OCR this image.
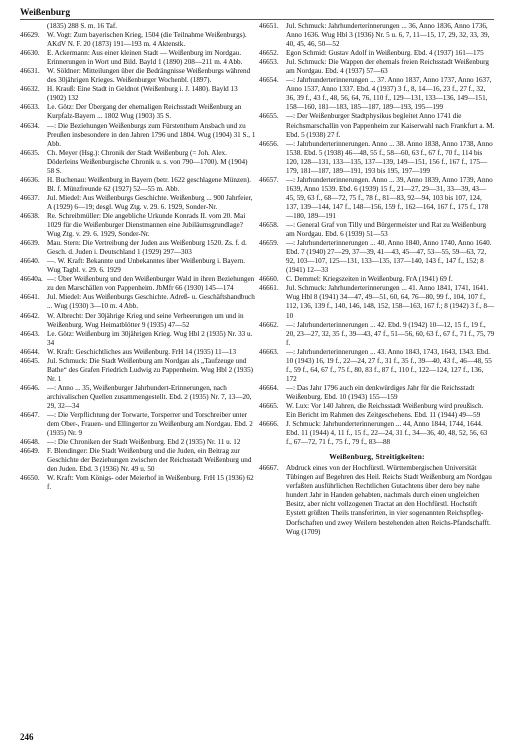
Weißenburg
(1835) 288 S. m. 16 Taf.
46629. W. Vogt: Zum bayerischen Krieg, 1504 (die Teilnahme Weißenburgs). AKdV N. F. 20 (1873) 191—193 m. 4 Aktenstk.
46630. E. Ackermann: Aus einer kleinen Stadt — Weißenburg im Nordgau. Erinnerungen in Wort und Bild. Bayld 1 (1890) 208—211 m. 4 Abb.
46631. W. Söldner: Mitteilungen über die Bedrängnisse Weißenburgs während des 30jährigen Krieges. Weißenburger Wochenbl. (1897).
46632. H. Krauß: Eine Stadt in Geldnot (Weißenburg i. J. 1480). Bayld 13 (1902) 132
46633. Le. Götz: Der Übergang der ehemaligen Reichsstadt Weißenburg an Kurpfalz-Bayern ... 1802 Wug (1903) 35 S.
46634. —: Die Beziehungen Weißenburgs zum Fürstenthum Ansbach und zu Preußen insbesondere in den Jahren 1796 und 1804. Wug (1904) 31 S., 1 Abb.
46635. Ch. Meyer (Hsg.): Chronik der Stadt Weißenburg (= Joh. Alex. Döderleins Weißenburgische Chronik u. s. von 790—1700). M (1904) 58 S.
46636. H. Buchenau: Weißenburg in Bayern (betr. 1622 geschlagene Münzen). Bl. f. Münzfreunde 62 (1927) 52—55 m. Abb.
46637. Jul. Miedel: Aus Weißenburgs Geschichte. Weißenburg ... 900 Jahrfeier, A (1929) 6—19; desgl. Wug Ztg. v. 29. 6. 1929, Sonder-Nr.
46638. Re. Schreibmüller: Die angebliche Urkunde Konrads II. vom 20. Mai 1029 für die Weißenburger Dienstmannen eine Jubiläumsgrundlage? Wug Ztg. v. 29. 6. 1929, Sonder-Nr.
46639. Mau. Stern: Die Vertreibung der Juden aus Weißenburg 1520. Zs. f. d. Gesch. d. Juden i. Deutschland 1 (1929) 297—303
46640. —. W. Kraft: Bekannte und Unbekanntes über Weißenburg i. Bayern. Wug Tagbl. v. 29. 6. 1929
46640a. —: Über Weißenburg und den Weißenburger Wald in ihren Beziehungen zu den Marschällen von Pappenheim. JbMfr 66 (1930) 145—174
46641. Jul. Miedel: Aus Weißenburgs Geschichte. Adreß- u. Geschäftshandbuch ... Wug (1930) 3—10 m. 4 Abb.
46642. W. Albrecht: Der 30jährige Krieg und seine Verheerungen um und in Weißenburg. Wug Heimatblötter 9 (1935) 47—52
46643. Le. Götz: Weißenburg im 30jährigen Krieg. Wug Hbl 2 (1935) Nr. 33 u. 34
46644. W. Kraft: Geschichtliches aus Weißenburg. FrH 14 (1935) 11—13
46645. Jul. Schmuck: Die Stadt Weißenburg am Nordgau als „Taufzeuge und Bathe“ des Grafen Friedrich Ludwig zu Pappenheim. Wug Hbl 2 (1935) Nr. 1
46646. —: Anno ... 35, Weißenburger Jahrhundert-Erinnerungen, nach archivalischen Quellen zusammengestellt. Ebd. 2 (1935) Nr. 7, 13—20, 29, 32—34
46647. —: Die Verpflichtung der Torwarte, Torsperrer und Torschreiber unter dem Ober-, Frauen- und Ellingertor zu Weißenburg am Nordgau. Ebd. 2 (1935) Nr. 9
46648. —: Die Chroniken der Stadt Weißenburg. Ebd 2 (1935) Nr. 11 u. 12
46649. F. Blendinger: Die Stadt Weißenburg und die Juden, ein Beitrag zur Geschichte der Beziehungen zwischen der Reichsstadt Weißenburg und den Juden. Ebd. 3 (1936) Nr. 49 u. 50
46650. W. Kraft: Vom Königs- oder Meierhof in Weißenburg. FrH 15 (1936) 62 f.
46651. Jul. Schmuck: Jahrhunderterinnerungen ... 36, Anno 1836, Anno 1736, Anno 1636. Wug Hbl 3 (1936) Nr. 5 u. 6, 7, 11—15, 17, 29, 32, 33, 39, 40, 45, 46, 50—52
46652. Egon Schmid: Gustav Adolf in Weißenburg. Ebd. 4 (1937) 161—175
46653. Jul. Schmuck: Die Wappen der ehemals freien Reichsstadt Weißenburg am Nordgau. Ebd. 4 (1937) 57—63
46654. —: Jahrhunderterinnerungen ... 37. Anno 1837, Anno 1737, Anno 1637, Anno 1537, Anno 1337. Ebd. 4 (1937) 3 f., 8, 14—16, 23 f., 27 f., 32, 36, 39 f., 43 f., 48, 56, 64, 76, 110 f., 129—131, 133—136, 149—151, 158—160, 181—183, 185—187, 189—193, 195—199
46655. —: Der Weißenburger Stadtphysikus begleitet Anno 1741 die Reichsmarschallin von Pappenheim zur Kaiserwahl nach Frankfurt a. M. Ebd. 5 (1938) 27 f.
46656. —: Jahrhunderterinnerungen. Anno ... 38. Anno 1838, Anno 1738, Anno 1538. Ebd. 5 (1938) 46—48, 55 f., 58—60, 63 f., 67 f., 70 f., 114 bis 120, 128—131, 133—135, 137—139, 149—151, 156 f., 167 f., 175—179, 181—187, 189—191, 193 bis 195, 197—199
46657. —: Jahrhunderterinnerungen. Anno ... 39, Anno 1839, Anno 1739, Anno 1639, Anno 1539. Ebd. 6 (1939) 15 f., 21—27, 29—31, 33—39, 43—45, 59, 63 f., 68—72, 75 f., 78 f., 81—83, 92—94, 103 bis 107, 124, 137, 139—144, 147 f., 148—156, 159 f., 162—164, 167 f., 175 f., 178—180, 189—191
46658. —: General Graf von Tilly und Bürgermeister und Rat zu Weißenburg am Nordgau. Ebd. 6 (1939) 51—53
46659. —: Jahrhunderterinnerungen ... 40. Anno 1840, Anno 1740, Anno 1640. Ebd. 7 (1940) 27—29, 37—39, 41—43, 45—47, 53—55, 59—63, 72, 92, 103—107, 125—131, 133—135, 137—140, 143 f., 147 f., 152; 8 (1941) 12—33
46660. C. Demmel: Kriegszeiten in Weißenburg. FrA (1941) 69 f.
46661. Jul. Schmuck: Jahrhunderterinnerungen ... 41. Anno 1841, 1741, 1641. Wug Hbl 8 (1941) 34—47, 49—51, 60, 64, 76—80, 99 f., 104, 107 f., 112, 136, 139 f., 140, 146, 148, 152, 158—163, 167 f.; 8 (1942) 3 f., 8—10
46662. —: Jahrhunderterinnerungen ... 42. Ebd. 9 (1942) 10—12, 15 f., 19 f., 20, 23—27, 32, 35 f., 39—43, 47 f., 51—56, 60, 63 f., 67 f., 71 f., 75, 79 f.
46663. —: Jahrhunderterinnerungen ... 43. Anno 1843, 1743, 1643, 1343. Ebd. 10 (1943) 16, 19 f., 22—24, 27 f., 31 f., 35 f., 39—40, 43 f., 46—48, 55 f., 59 f., 64, 67 f., 75 f., 80, 83 f., 87 f., 110 f., 122—124, 127 f., 136, 172
46664. —: Das Jahr 1796 auch ein denkwürdiges Jahr für die Reichsstadt Weißenburg. Ebd. 10 (1943) 155—159
46665. W. Lux: Vor 140 Jahren, die Reichsstadt Weißenburg wird preußisch. Ein Bericht im Rahmen des Zeitgeschehens. Ebd. 11 (1944) 49—59
46666. J. Schmuck: Jahrhunderterinnerungen ... 44, Anno 1844, 1744, 1644. Ebd. 11 (1944) 4, 11 f., 15 f., 22—24, 31 f., 34—36, 40, 48, 52, 56, 63 f., 67—72, 71 f., 75 f., 79 f., 83—88
Weißenburg, Streitigkeiten:
46667. Abdruck eines von der Hochfürstl. Württembergischen Universität Tübingen auf Begehren des Heil. Reichs Stadt Weißenburg am Nordgau verfaßten ausführlichen Rechtlichen Gutachtens über dero bey nahe hundert Jahr in Handen gehabten, nachmals durch einen ungleichen Besitz, aber nicht vollzogenen Tractat an den Hochfürstl. Hochstift Eystett größten Theils transferirten, in vier sogenannten Reichspfleg-Dorfschaften und zwey Weilern bestehenden alten Reichs-Pfandschafft. Wug (1709)
246
